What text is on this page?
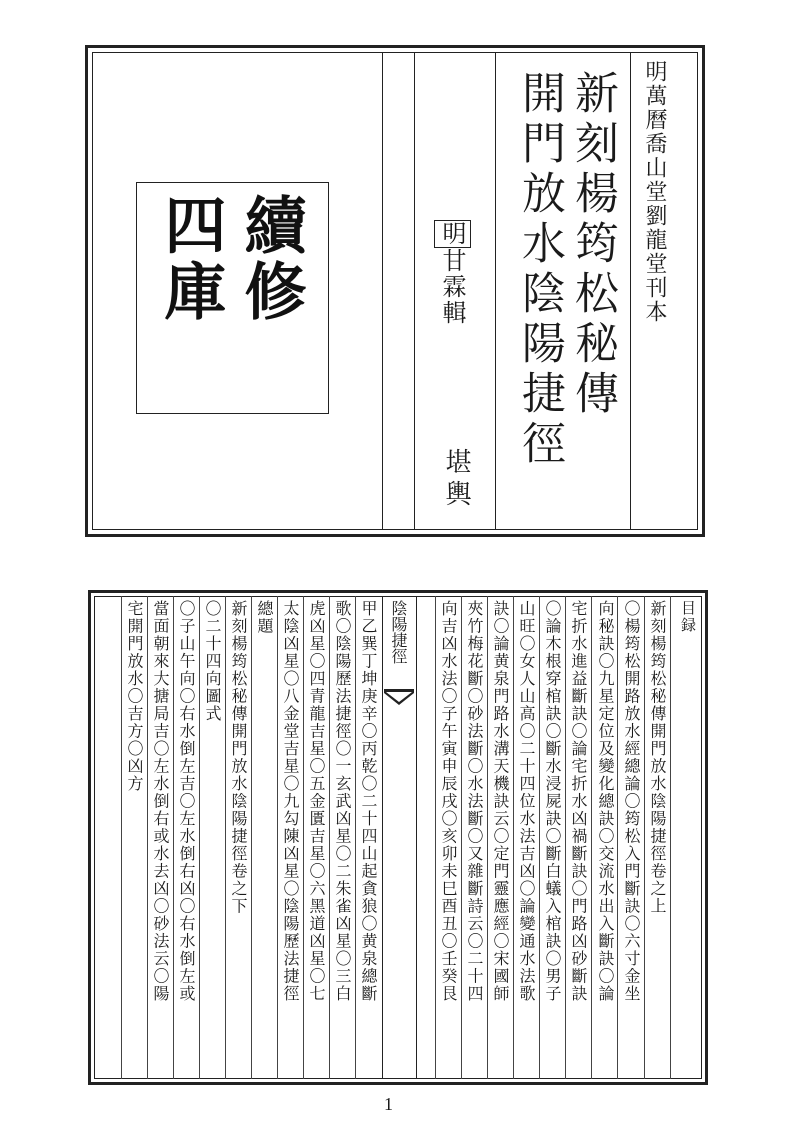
明萬曆喬山堂劉龍堂刊本
新刻楊筠松秘傳
開門放水陰陽捷徑
明甘霖輯
堪輿
續修
四庫
目録
陰陽捷徑	新刻楊筠松秘傳開門放水陰陽捷徑卷之上
〇楊筠松開路放水經總論〇筠松入門斷訣〇六寸金坐
向秘訣〇九星定位及變化總訣〇交流水出入斷訣〇論
宅折水進益斷訣〇論宅折水凶禍斷訣〇門路凶砂斷訣
〇論木根穿棺訣〇斷水浸屍訣〇斷白蟻入棺訣〇男子
山旺〇女人山高〇二十四位水法吉凶〇論變通水法歌
訣〇論黄泉門路水溝天機訣云〇定門靈應經〇宋國師
夾竹梅花斷〇砂法斷〇水法斷〇又雜斷詩云〇二十四
向吉凶水法〇子午寅申辰戌〇亥卯未巳酉丑〇壬癸艮
甲乙巽丁坤庚辛〇丙乾〇二十四山起貪狼〇黄泉總斷
歌〇陰陽歷法捷徑〇一玄武凶星〇二朱雀凶星〇三白
虎凶星〇四青龍吉星〇五金匱吉星〇六黑道凶星〇七
太陰凶星〇八金堂吉星〇九勾陳凶星〇陰陽歷法捷徑
總題
新刻楊筠松秘傳開門放水陰陽捷徑卷之下
〇二十四向圖式
〇子山午向〇右水倒左吉〇左水倒右凶〇右水倒左或
當面朝來大搪局吉〇左水倒右或水去凶〇砂法云〇陽
宅開門放水〇吉方〇凶方
1
